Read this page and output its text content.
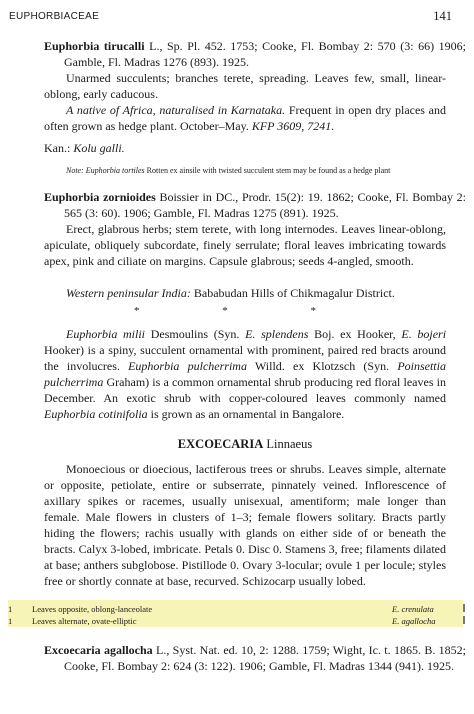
EUPHORBIACEAE	141
Euphorbia tirucalli L., Sp. Pl. 452. 1753; Cooke, Fl. Bombay 2: 570 (3: 66) 1906; Gamble, Fl. Madras 1276 (893). 1925.
Unarmed succulents; branches terete, spreading. Leaves few, small, linear-oblong, early caducous.
A native of Africa, naturalised in Karnataka. Frequent in open dry places and often grown as hedge plant. October–May. KFP 3609, 7241.
Kan.: Kolu galli.
Note: Euphorbia tortiles Rotten ex ainsile with twisted succulent stem may be found as a hedge plant
Euphorbia zornioides Boissier in DC., Prodr. 15(2): 19. 1862; Cooke, Fl. Bombay 2: 565 (3: 60). 1906; Gamble, Fl. Madras 1275 (891). 1925.
Erect, glabrous herbs; stem terete, with long internodes. Leaves linear-oblong, apiculate, obliquely subcordate, finely serrulate; floral leaves imbricating towards apex, pink and ciliate on margins. Capsule glabrous; seeds 4-angled, smooth.
Western peninsular India: Bababudan Hills of Chikmagalur District.
* * *
Euphorbia milii Desmoulins (Syn. E. splendens Boj. ex Hooker, E. bojeri Hooker) is a spiny, succulent ornamental with prominent, paired red bracts around the involucres. Euphorbia pulcherrima Willd. ex Klotzsch (Syn. Poinsettia pulcherrima Graham) is a common ornamental shrub producing red floral leaves in December. An exotic shrub with copper-coloured leaves commonly named Euphorbia cotinifolia is grown as an ornamental in Bangalore.
EXCOECARIA Linnaeus
Monoecious or dioecious, lactiferous trees or shrubs. Leaves simple, alternate or opposite, petiolate, entire or subserrate, pinnately veined. Inflorescence of axillary spikes or racemes, usually unisexual, amentiform; male longer than female. Male flowers in clusters of 1–3; female flowers solitary. Bracts partly hiding the flowers; rachis usually with glands on either side of or beneath the bracts. Calyx 3-lobed, imbricate. Petals 0. Disc 0. Stamens 3, free; filaments dilated at base; anthers subglobose. Pistillode 0. Ovary 3-locular; ovule 1 per locule; styles free or shortly connate at base, recurved. Schizocarp usually lobed.
1	Leaves opposite, oblong-lanceolate	E. crenulata
1	Leaves alternate, ovate-elliptic	E. agallocha
Excoecaria agallocha L., Syst. Nat. ed. 10, 2: 1288. 1759; Wight, Ic. t. 1865. B. 1852; Cooke, Fl. Bombay 2: 624 (3: 122). 1906; Gamble, Fl. Madras 1344 (941). 1925.
